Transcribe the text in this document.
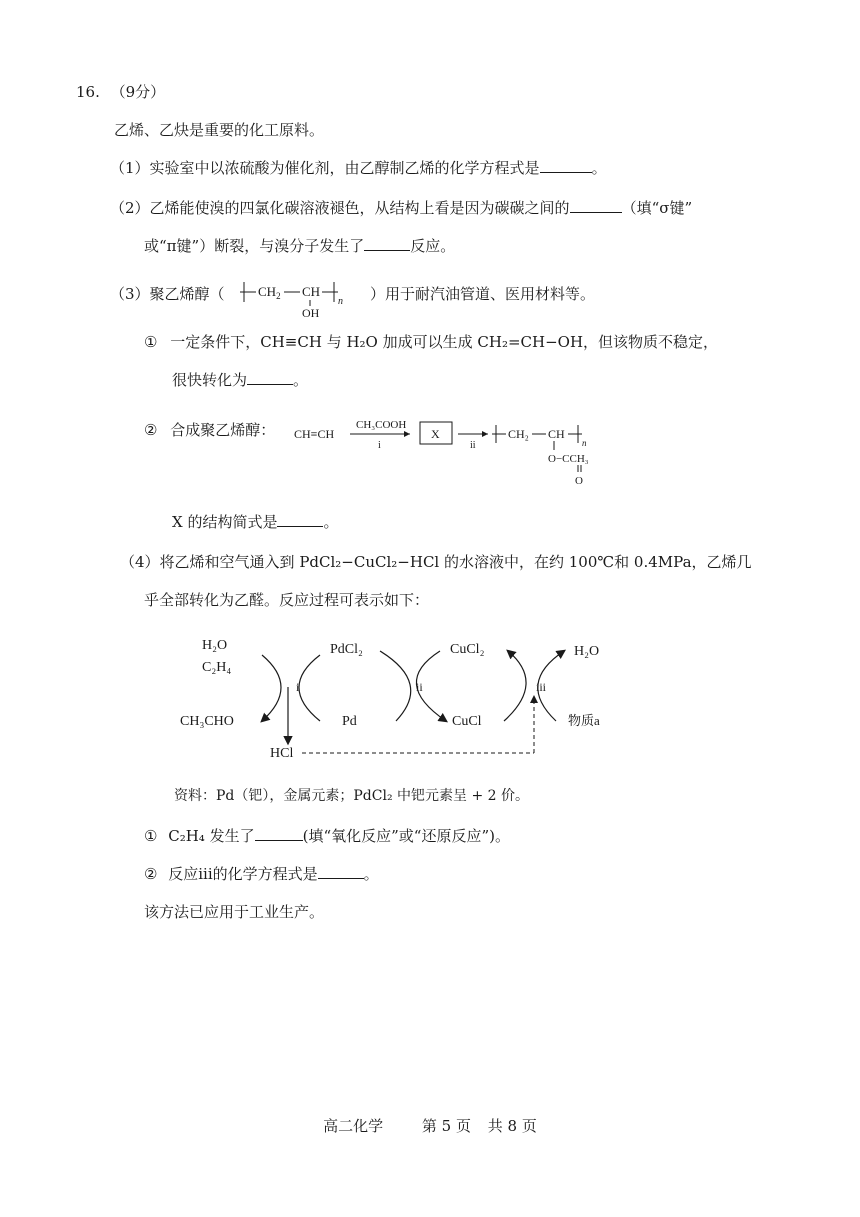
16. （9分）
乙烯、乙炔是重要的化工原料。
（1）实验室中以浓硫酸为催化剂，由乙醇制乙烯的化学方程式是	。
（2）乙烯能使溴的四氯化碳溶液褪色，从结构上看是因为碳碳之间的	（填“σ键”
或“π键”）断裂，与溴分子发生了	反应。
（3）聚乙烯醇（	$CH_2$ CH
OH
n ）用于耐汽油管道、医用材料等。
① 一定条件下，CH≡CH 与 H₂O 加成可以生成 CH₂=CH−OH，但该物质不稳定，
很快转化为	。
② 合成聚乙烯醇： CH≡CH
CH₃COOH
i
X
ii
CH₂ CH
n
O−CCH₃
O
X 的结构简式是	。
（4）将乙烯和空气通入到 PdCl₂−CuCl₂−HCl 的水溶液中，在约 100℃和 0.4MPa，乙烯几
乎全部转化为乙醛。反应过程可表示如下：
H₂O
C₂H₄
CH₃CHO
HCl
i
PdCl₂
Pd
ii
CuCl₂
CuCl
iii
H₂O
物质a
资料：Pd（钯），金属元素；PdCl₂ 中钯元素呈 + 2 价。
① C₂H₄ 发生了	(填“氧化反应”或“还原反应”)。
② 反应iii的化学方程式是	。
该方法已应用于工业生产。
高二化学	第 5 页 共 8 页
